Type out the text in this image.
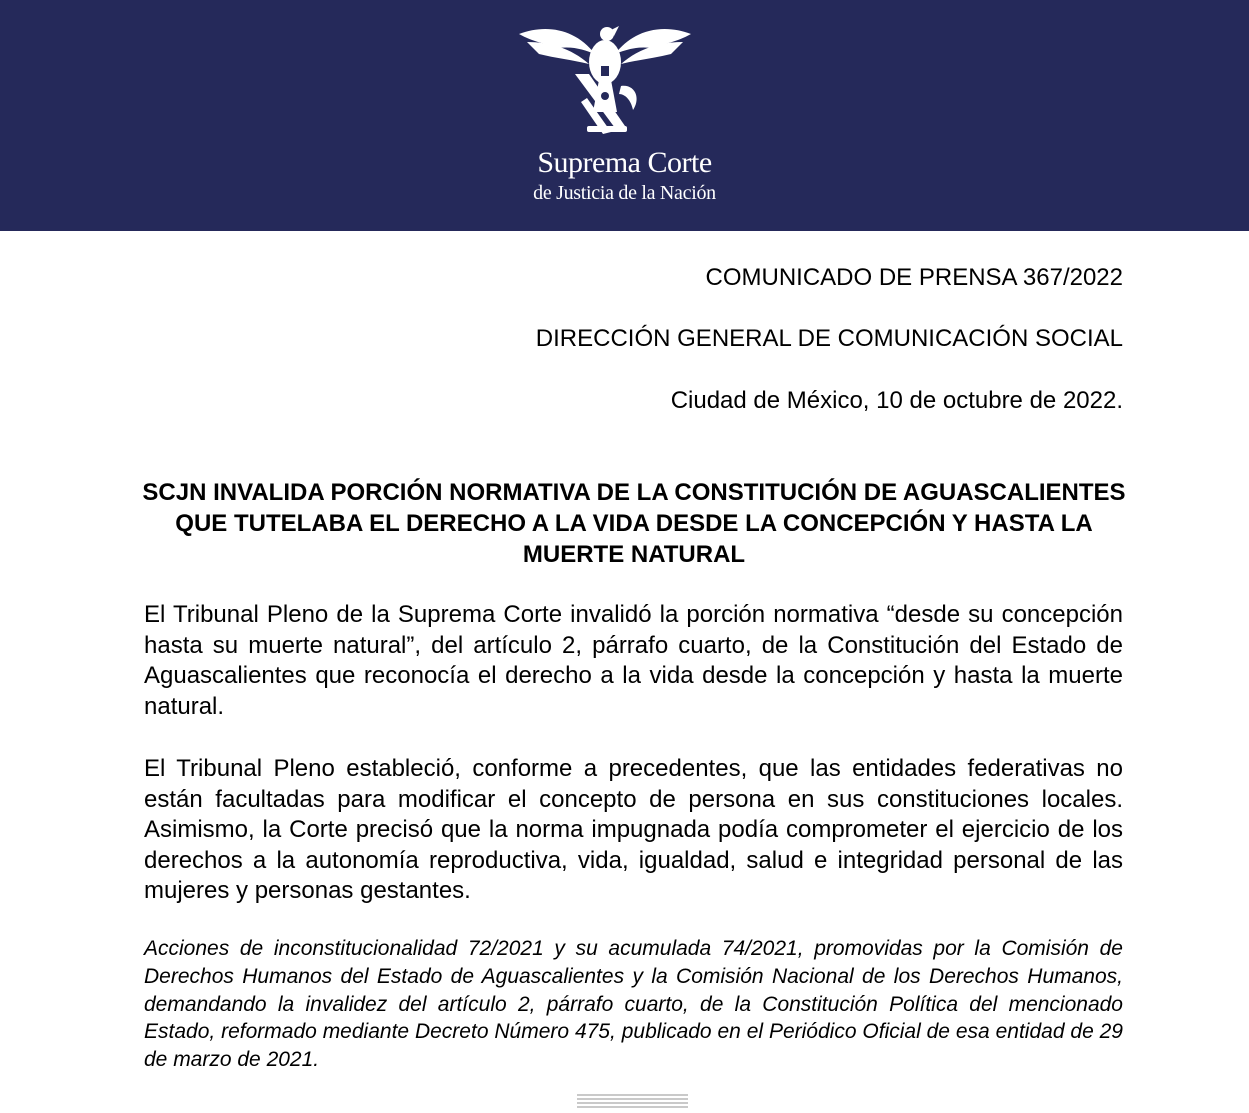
Suprema Corte
de Justicia de la Nación
COMUNICADO DE PRENSA 367/2022
DIRECCIÓN GENERAL DE COMUNICACIÓN SOCIAL
Ciudad de México, 10 de octubre de 2022.
SCJN INVALIDA PORCIÓN NORMATIVA DE LA CONSTITUCIÓN DE AGUASCALIENTES QUE TUTELABA EL DERECHO A LA VIDA DESDE LA CONCEPCIÓN Y HASTA LA MUERTE NATURAL
El Tribunal Pleno de la Suprema Corte invalidó la porción normativa “desde su concepción hasta su muerte natural”, del artículo 2, párrafo cuarto, de la Constitución del Estado de Aguascalientes que reconocía el derecho a la vida desde la concepción y hasta la muerte natural.
El Tribunal Pleno estableció, conforme a precedentes, que las entidades federativas no están facultadas para modificar el concepto de persona en sus constituciones locales. Asimismo, la Corte precisó que la norma impugnada podía comprometer el ejercicio de los derechos a la autonomía reproductiva, vida, igualdad, salud e integridad personal de las mujeres y personas gestantes.
Acciones de inconstitucionalidad 72/2021 y su acumulada 74/2021, promovidas por la Comisión de Derechos Humanos del Estado de Aguascalientes y la Comisión Nacional de los Derechos Humanos, demandando la invalidez del artículo 2, párrafo cuarto, de la Constitución Política del mencionado Estado, reformado mediante Decreto Número 475, publicado en el Periódico Oficial de esa entidad de 29 de marzo de 2021.
